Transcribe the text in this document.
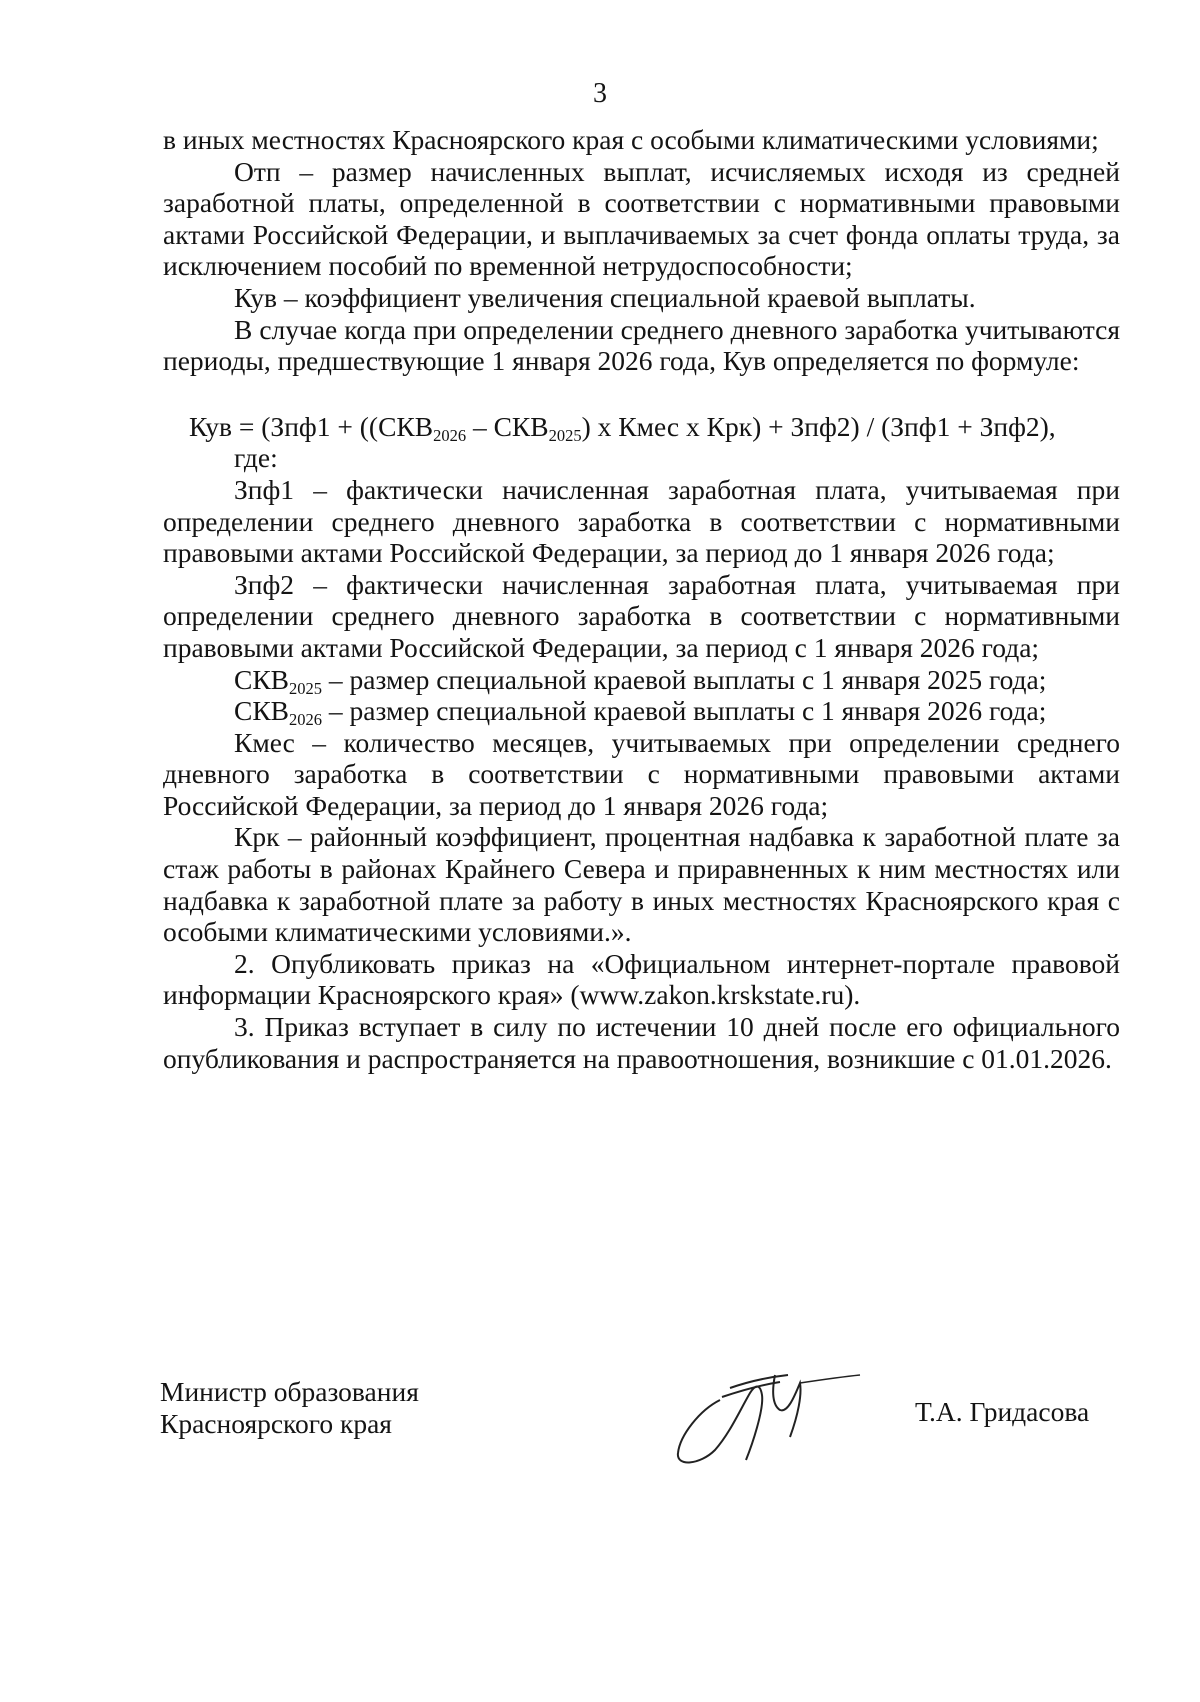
3

в иных местностях Красноярского края с особыми климатическими условиями;

Отп – размер начисленных выплат, исчисляемых исходя из средней заработной платы, определенной в соответствии с нормативными правовыми актами Российской Федерации, и выплачиваемых за счет фонда оплаты труда, за исключением пособий по временной нетрудоспособности;

Кув – коэффициент увеличения специальной краевой выплаты.

В случае когда при определении среднего дневного заработка учитываются периоды, предшествующие 1 января 2026 года, Кув определяется по формуле:

Кув = ($Зпф1 + ((СКВ_{2026} - СКВ_{2025})$ х Кмес х Крк) + Зпф2) / (Зпф1 + Зпф2),

где:

Зпф1 – фактически начисленная заработная плата, учитываемая при определении среднего дневного заработка в соответствии с нормативными правовыми актами Российской Федерации, за период до 1 января 2026 года;

Зпф2 – фактически начисленная заработная плата, учитываемая при определении среднего дневного заработка в соответствии с нормативными правовыми актами Российской Федерации, за период с 1 января 2026 года;

$СКВ_{2025}$ – размер специальной краевой выплаты с 1 января 2025 года;

$СКВ_{2026}$ – размер специальной краевой выплаты с 1 января 2026 года;

Кмес – количество месяцев, учитываемых при определении среднего дневного заработка в соответствии с нормативными правовыми актами Российской Федерации, за период до 1 января 2026 года;

Крк – районный коэффициент, процентная надбавка к заработной плате за стаж работы в районах Крайнего Севера и приравненных к ним местностях или надбавка к заработной плате за работу в иных местностях Красноярского края с особыми климатическими условиями.».

2. Опубликовать приказ на «Официальном интернет-портале правовой информации Красноярского края» (www.zakon.krskstate.ru).

3. Приказ вступает в силу по истечении 10 дней после его официального опубликования и распространяется на правоотношения, возникшие с 01.01.2026.

Министр образования
Красноярского края	Т.А. Гридасова
